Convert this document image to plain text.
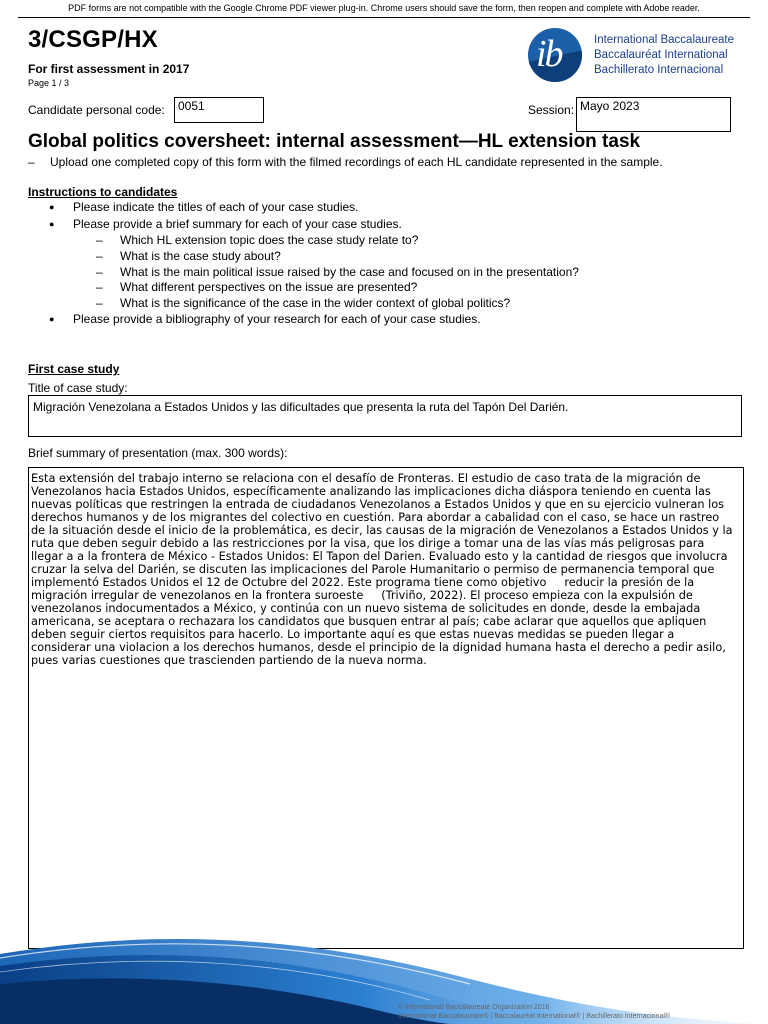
PDF forms are not compatible with the Google Chrome PDF viewer plug-in. Chrome users should save the form, then reopen and complete with Adobe reader.
3/CSGP/HX
For first assessment in 2017
Page 1 / 3
ib	International Baccalaureate
Baccalauréat International
Bachillerato Internacional
Candidate personal code:	0051	Session: Mayo 2023
Global politics coversheet: internal assessment—HL extension task
– Upload one completed copy of this form with the filmed recordings of each HL candidate represented in the sample.
Instructions to candidates
● Please indicate the titles of each of your case studies.
● Please provide a brief summary for each of your case studies.
– Which HL extension topic does the case study relate to?
– What is the case study about?
– What is the main political issue raised by the case and focused on in the presentation?
– What different perspectives on the issue are presented?
– What is the significance of the case in the wider context of global politics?
● Please provide a bibliography of your research for each of your case studies.
First case study
Title of case study:
Migración Venezolana a Estados Unidos y las dificultades que presenta la ruta del Tapón Del Darién.
Brief summary of presentation (max. 300 words):
Esta extensión del trabajo interno se relaciona con el desafío de Fronteras. El estudio de caso trata de la migración de
Venezolanos hacia Estados Unidos, específicamente analizando las implicaciones dicha diáspora teniendo en cuenta las
nuevas políticas que restringen la entrada de ciudadanos Venezolanos a Estados Unidos y que en su ejercicio vulneran los
derechos humanos y de los migrantes del colectivo en cuestión. Para abordar a cabalidad con el caso, se hace un rastreo
de la situación desde el inicio de la problemática, es decir, las causas de la migración de Venezolanos a Estados Unidos y la
ruta que deben seguir debido a las restricciones por la visa, que los dirige a tomar una de las vías más peligrosas para
llegar a a la frontera de México - Estados Unidos: El Tapon del Darien. Evaluado esto y la cantidad de riesgos que involucra
cruzar la selva del Darién, se discuten las implicaciones del Parole Humanitario o permiso de permanencia temporal que
implementó Estados Unidos el 12 de Octubre del 2022. Este programa tiene como objetivo     reducir la presión de la
migración irregular de venezolanos en la frontera suroeste     (Triviño, 2022). El proceso empieza con la expulsión de
venezolanos indocumentados a México, y continúa con un nuevo sistema de solicitudes en donde, desde la embajada
americana, se aceptara o rechazara los candidatos que busquen entrar al país; cabe aclarar que aquellos que apliquen
deben seguir ciertos requisitos para hacerlo. Lo importante aquí es que estas nuevas medidas se pueden llegar a
considerar una violacion a los derechos humanos, desde el principio de la dignidad humana hasta el derecho a pedir asilo,
pues varias cuestiones que trascienden partiendo de la nueva norma.
© International Baccalaureate Organization 2016
International Baccalaureate® | Baccalauréat International® | Bachillerato Internacional®
